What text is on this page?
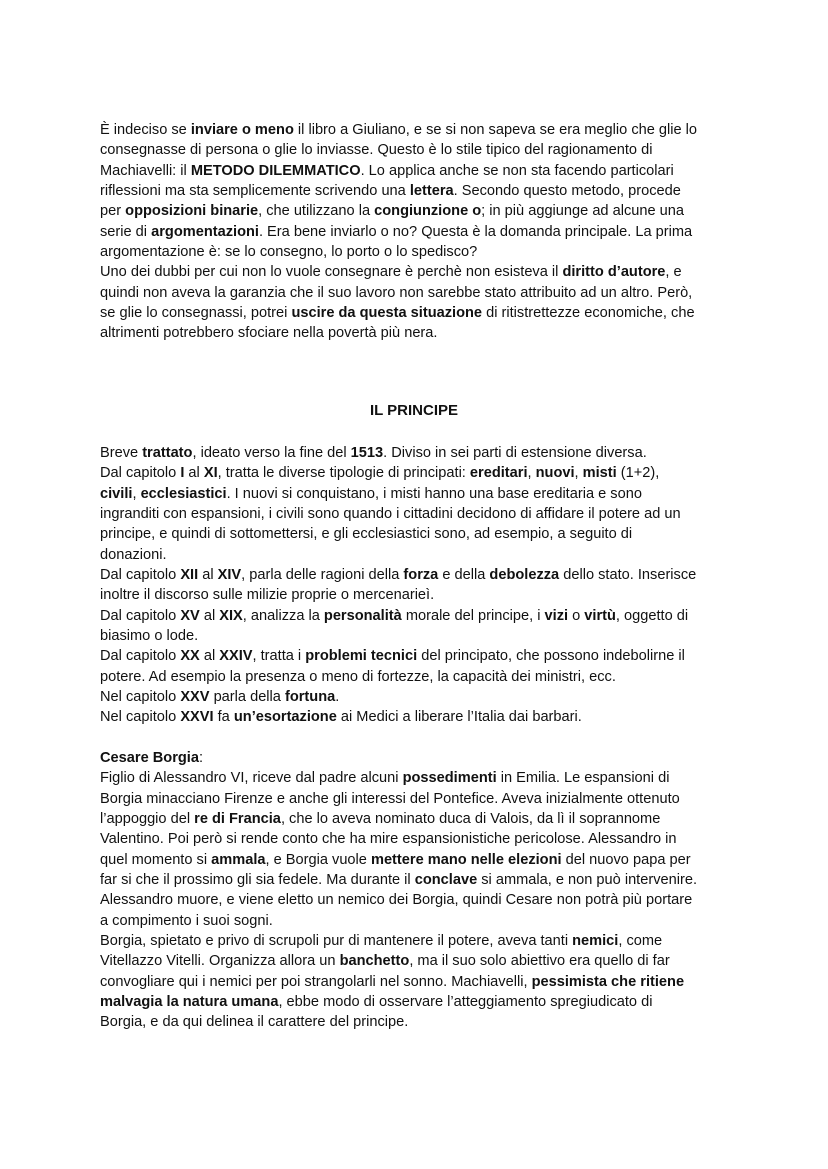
È indeciso se inviare o meno il libro a Giuliano, e se si non sapeva se era meglio che glie lo
consegnasse di persona o glie lo inviasse. Questo è lo stile tipico del ragionamento di
Machiavelli: il METODO DILEMMATICO. Lo applica anche se non sta facendo particolari
riflessioni ma sta semplicemente scrivendo una lettera. Secondo questo metodo, procede
per opposizioni binarie, che utilizzano la congiunzione o; in più aggiunge ad alcune una
serie di argomentazioni. Era bene inviarlo o no? Questa è la domanda principale. La prima
argomentazione è: se lo consegno, lo porto o lo spedisco?
Uno dei dubbi per cui non lo vuole consegnare è perchè non esisteva il diritto d’autore, e
quindi non aveva la garanzia che il suo lavoro non sarebbe stato attribuito ad un altro. Però,
se glie lo consegnassi, potrei uscire da questa situazione di ritistrettezze economiche, che
altrimenti potrebbero sfociare nella povertà più nera.
IL PRINCIPE
Breve trattato, ideato verso la fine del 1513. Diviso in sei parti di estensione diversa.
Dal capitolo I al XI, tratta le diverse tipologie di principati: ereditari, nuovi, misti (1+2),
civili, ecclesiastici. I nuovi si conquistano, i misti hanno una base ereditaria e sono
ingranditi con espansioni, i civili sono quando i cittadini decidono di affidare il potere ad un
principe, e quindi di sottomettersi, e gli ecclesiastici sono, ad esempio, a seguito di
donazioni.
Dal capitolo XII al XIV, parla delle ragioni della forza e della debolezza dello stato. Inserisce
inoltre il discorso sulle milizie proprie o mercenarieì.
Dal capitolo XV al XIX, analizza la personalità morale del principe, i vizi o virtù, oggetto di
biasimo o lode.
Dal capitolo XX al XXIV, tratta i problemi tecnici del principato, che possono indebolirne il
potere. Ad esempio la presenza o meno di fortezze, la capacità dei ministri, ecc.
Nel capitolo XXV parla della fortuna.
Nel capitolo XXVI fa un’esortazione ai Medici a liberare l’Italia dai barbari.
Cesare Borgia:
Figlio di Alessandro VI, riceve dal padre alcuni possedimenti in Emilia. Le espansioni di
Borgia minacciano Firenze e anche gli interessi del Pontefice. Aveva inizialmente ottenuto
l’appoggio del re di Francia, che lo aveva nominato duca di Valois, da lì il soprannome
Valentino. Poi però si rende conto che ha mire espansionistiche pericolose. Alessandro in
quel momento si ammala, e Borgia vuole mettere mano nelle elezioni del nuovo papa per
far si che il prossimo gli sia fedele. Ma durante il conclave si ammala, e non può intervenire.
Alessandro muore, e viene eletto un nemico dei Borgia, quindi Cesare non potrà più portare
a compimento i suoi sogni.
Borgia, spietato e privo di scrupoli pur di mantenere il potere, aveva tanti nemici, come
Vitellazzo Vitelli. Organizza allora un banchetto, ma il suo solo abiettivo era quello di far
convogliare qui i nemici per poi strangolarli nel sonno. Machiavelli, pessimista che ritiene
malvagia la natura umana, ebbe modo di osservare l’atteggiamento spregiudicato di
Borgia, e da qui delinea il carattere del principe.
